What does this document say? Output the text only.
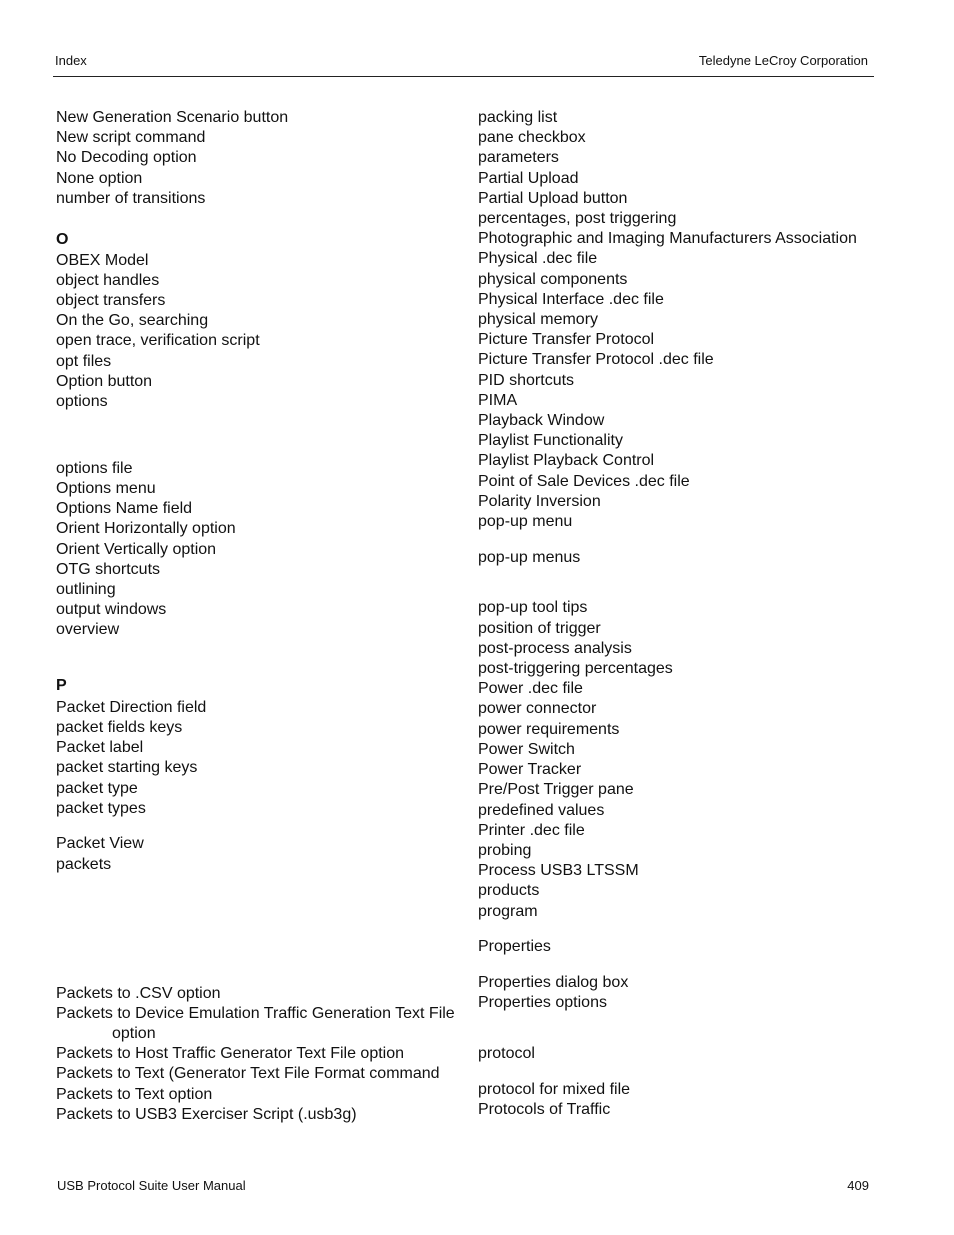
Index	Teledyne LeCroy Corporation
New Generation Scenario button
New script command
No Decoding option
None option
number of transitions
O
OBEX Model
object handles
object transfers
On the Go, searching
open trace, verification script
opt files
Option button
options
options file
Options menu
Options Name field
Orient Horizontally option
Orient Vertically option
OTG shortcuts
outlining
output windows
overview
P
Packet Direction field
packet fields keys
Packet label
packet starting keys
packet type
packet types
Packet View
packets
Packets to .CSV option
Packets to Device Emulation Traffic Generation Text File option
Packets to Host Traffic Generator Text File option
Packets to Text (Generator Text File Format command
Packets to Text option
Packets to USB3 Exerciser Script (.usb3g)
packing list
pane checkbox
parameters
Partial Upload
Partial Upload button
percentages, post triggering
Photographic and Imaging Manufacturers Association
Physical .dec file
physical components
Physical Interface .dec file
physical memory
Picture Transfer Protocol
Picture Transfer Protocol .dec file
PID shortcuts
PIMA
Playback Window
Playlist Functionality
Playlist Playback Control
Point of Sale Devices .dec file
Polarity Inversion
pop-up menu
pop-up menus
pop-up tool tips
position of trigger
post-process analysis
post-triggering percentages
Power .dec file
power connector
power requirements
Power Switch
Power Tracker
Pre/Post Trigger pane
predefined values
Printer .dec file
probing
Process USB3 LTSSM
products
program
Properties
Properties dialog box
Properties options
protocol
protocol for mixed file
Protocols of Traffic
USB Protocol Suite User Manual	409
